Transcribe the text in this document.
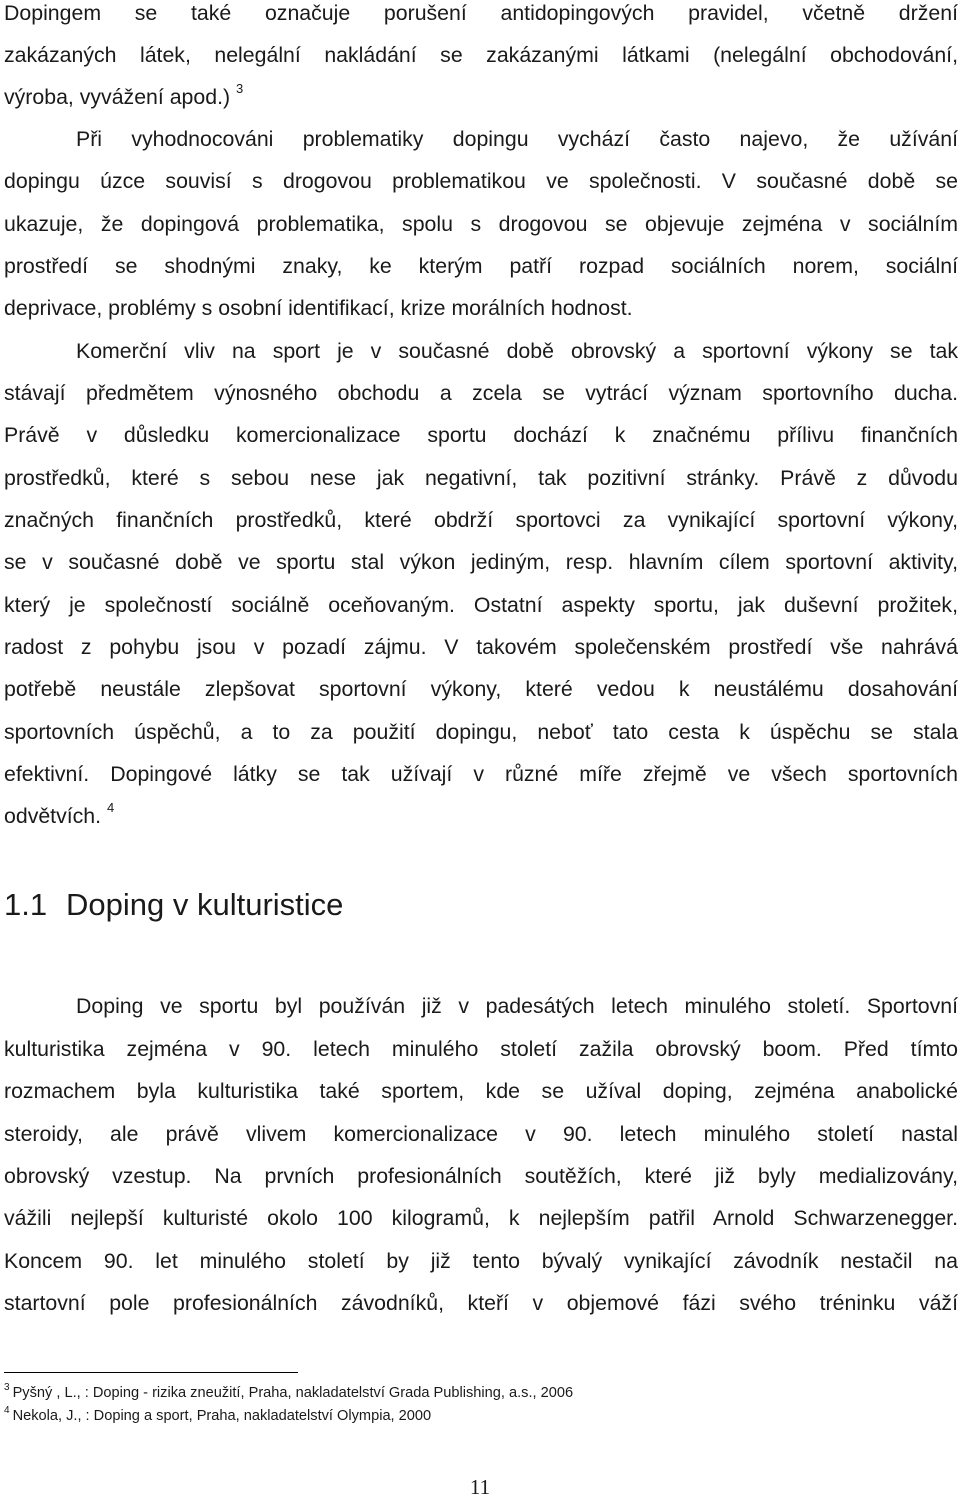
Dopingem se také označuje porušení antidopingových pravidel, včetně držení
zakázaných látek, nelegální nakládání se zakázanými látkami (nelegální obchodování,
výroba, vyvážení apod.) $^3$
Při vyhodnocováni problematiky dopingu vychází často najevo, že užívání
dopingu úzce souvisí s drogovou problematikou ve společnosti. V současné době se
ukazuje, že dopingová problematika, spolu s drogovou se objevuje zejména v sociálním
prostředí se shodnými znaky, ke kterým patří rozpad sociálních norem, sociální
deprivace, problémy s osobní identifikací, krize morálních hodnost.
Komerční vliv na sport je v současné době obrovský a sportovní výkony se tak
stávají předmětem výnosného obchodu a zcela se vytrácí význam sportovního ducha.
Právě v důsledku komercionalizace sportu dochází k značnému přílivu finančních
prostředků, které s sebou nese jak negativní, tak pozitivní stránky. Právě z důvodu
značných finančních prostředků, které obdrží sportovci za vynikající sportovní výkony,
se v současné době ve sportu stal výkon jediným, resp. hlavním cílem sportovní aktivity,
který je společností sociálně oceňovaným. Ostatní aspekty sportu, jak duševní prožitek,
radost z pohybu jsou v pozadí zájmu. V takovém společenském prostředí vše nahrává
potřebě neustále zlepšovat sportovní výkony, které vedou k neustálému dosahování
sportovních úspěchů, a to za použití dopingu, neboť tato cesta k úspěchu se stala
efektivní. Dopingové látky se tak užívají v různé míře zřejmě ve všech sportovních
odvětvích. $^4$
1.1 Doping v kulturistice
Doping ve sportu byl používán již v padesátých letech minulého století. Sportovní
kulturistika zejména v 90. letech minulého století zažila obrovský boom. Před tímto
rozmachem byla kulturistika také sportem, kde se užíval doping, zejména anabolické
steroidy, ale právě vlivem komercionalizace v 90. letech minulého století nastal
obrovský vzestup. Na prvních profesionálních soutěžích, které již byly medializovány,
vážili nejlepší kulturisté okolo 100 kilogramů, k nejlepším patřil Arnold Schwarzenegger.
Koncem 90. let minulého století by již tento bývalý vynikající závodník nestačil na
startovní pole profesionálních závodníků, kteří v objemové fázi svého tréninku váží
$^3$ Pyšný , L., : Doping - rizika zneužití, Praha, nakladatelství Grada Publishing, a.s., 2006
$^4$ Nekola, J., : Doping a sport, Praha, nakladatelství Olympia, 2000
11
